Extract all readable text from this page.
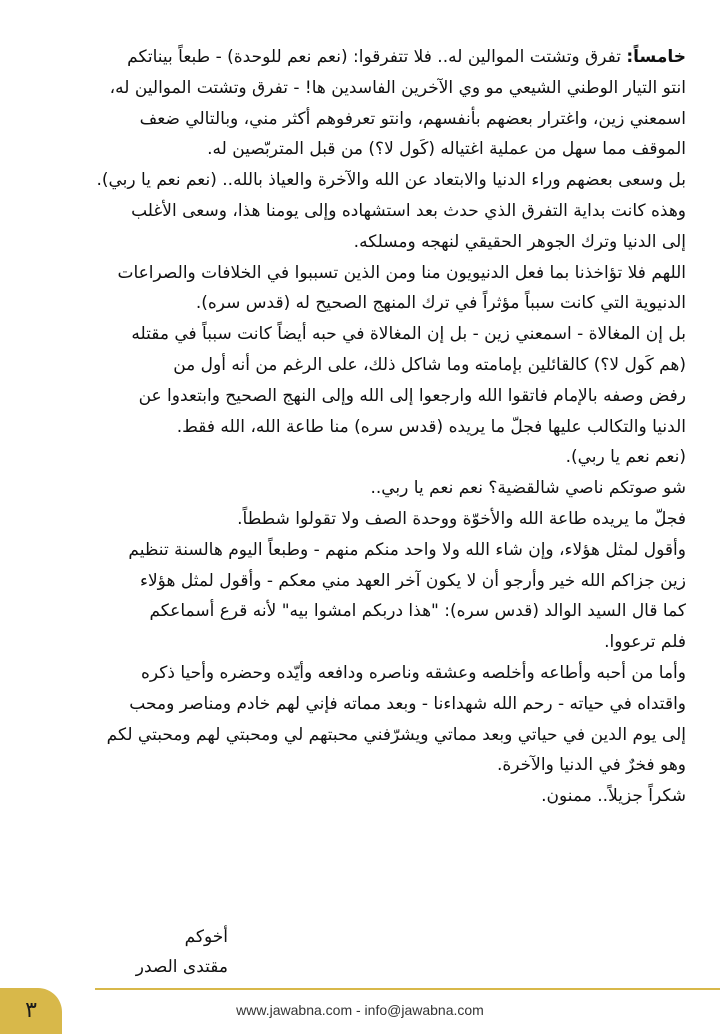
خامساً: تفرق وتشتت الموالين له.. فلا تتفرقوا: (نعم نعم للوحدة) - طبعاً بيناتكم
انتو التيار الوطني الشيعي مو وي الآخرين الفاسدين ها! - تفرق وتشتت الموالين له،
اسمعني زين، واغترار بعضهم بأنفسهم، وانتو تعرفوهم أكثر مني، وبالتالي ضعف
الموقف مما سهل من عملية اغتياله (كَول لا؟) من قبل المتربّصين له.
بل وسعى بعضهم وراء الدنيا والابتعاد عن الله والآخرة والعياذ بالله.. (نعم نعم يا ربي).
وهذه كانت بداية التفرق الذي حدث بعد استشهاده وإلى يومنا هذا، وسعى الأغلب
إلى الدنيا وترك الجوهر الحقيقي لنهجه ومسلكه.
اللهم فلا تؤاخذنا بما فعل الدنيويون منا ومن الذين تسببوا في الخلافات والصراعات
الدنيوية التي كانت سبباً مؤثراً في ترك المنهج الصحيح له (قدس سره).
بل إن المغالاة - اسمعني زين - بل إن المغالاة في حبه أيضاً كانت سبباً في مقتله
(هم كَول لا؟) كالقائلين بإمامته وما شاكل ذلك، على الرغم من أنه أول من
رفض وصفه بالإمام فاتقوا الله وارجعوا إلى الله وإلى النهج الصحيح وابتعدوا عن
الدنيا والتكالب عليها فجلّ ما يريده (قدس سره) منا طاعة الله، الله فقط.
(نعم نعم يا ربي).
شو صوتكم ناصي شالقضية؟ نعم نعم يا ربي..
فجلّ ما يريده طاعة الله والأخوّة ووحدة الصف ولا تقولوا شططاً.
وأقول لمثل هؤلاء، وإن شاء الله ولا واحد منكم منهم - وطبعاً اليوم هالسنة تنظيم
زين جزاكم الله خير وأرجو أن لا يكون آخر العهد مني معكم - وأقول لمثل هؤلاء
كما قال السيد الوالد (قدس سره): "هذا دربكم امشوا بيه" لأنه قرع أسماعكم
فلم ترعووا.
وأما من أحبه وأطاعه وأخلصه وعشقه وناصره ودافعه وأيّده وحضره وأحيا ذكره
واقتداه في حياته - رحم الله شهداءنا - وبعد مماته فإني لهم خادم ومناصر ومحب
إلى يوم الدين في حياتي وبعد مماتي ويشرّفني محبتهم لي ومحبتي لهم ومحبتي لكم
وهو فخرٌ في الدنيا والآخرة.
شكراً جزيلاً.. ممنون.
أخوكم
مقتدى الصدر
٣	www.jawabna.com - info@jawabna.com
